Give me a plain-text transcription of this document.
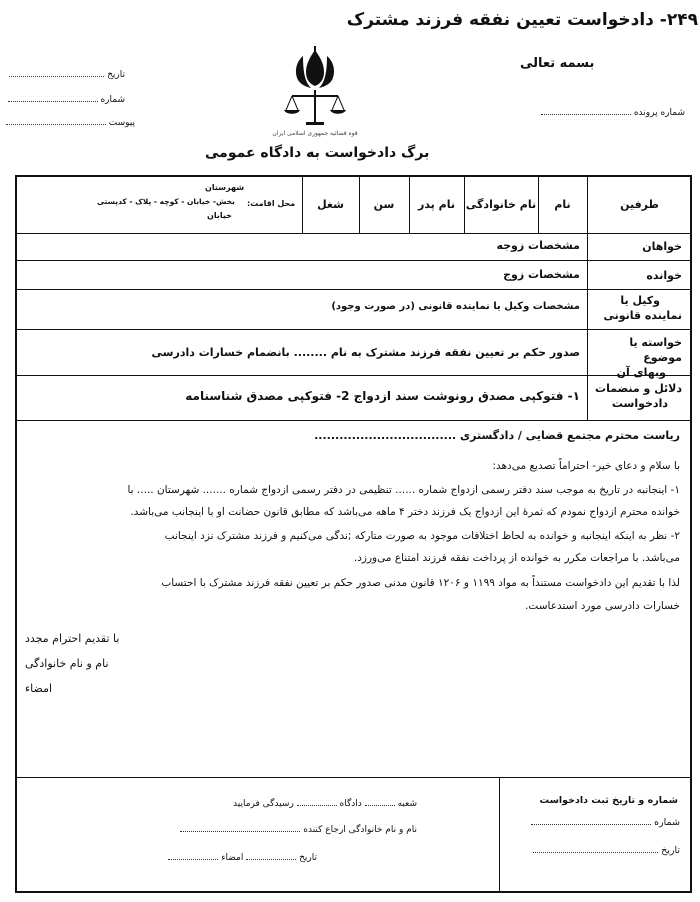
۲۴۹- دادخواست تعیین نفقه فرزند مشترک
بسمه تعالی
تاریخ
شماره
پیوست
قوه قضائیه جمهوری اسلامی ایران
شماره پرونده
برگ دادخواست به دادگاه عمومی
طرفین
نام
نام خانوادگی
نام پدر
سن
شغل
محل اقامت:
شهرستان
بخش- خیابان - کوچه - پلاک - کدپستی
خیابان
خواهان
مشخصات زوجه
خوانده
مشخصات زوج
وکیل یا
نماینده قانونی
مشخصات وکیل یا نماینده قانونی (در صورت وجود)
خواسته یا موضوع
وبهای آن
صدور حکم بر تعیین نفقه فرزند مشترک به نام ........ بانضمام خسارات دادرسی
دلائل و منضمات
دادخواست
۱- فتوکپی مصدق رونوشت سند ازدواج 2- فتوکپی مصدق شناسنامه
ریاست محترم مجتمع قضایی / دادگستری ..................................
با سلام و دعای خیر- احتراماً تصدیع می‌دهد:
۱- اینجانبه در تاریخ به موجب سند دفتر رسمی ازدواج شماره ...... تنظیمی در دفتر رسمی ازدواج شماره ....... شهرستان ..... با
خوانده محترم ازدواج نمودم که ثمرهٔ این ازدواج یک فرزند دختر ۴ ماهه می‌باشد که مطابق قانون حضانت او با اینجانب می‌باشد.
۲- نظر به اینکه اینجانبه و خوانده به لحاظ اختلافات موجود به صورت متارکه ;ندگی می‌کنیم و فرزند مشترک نزد اینجانب
می‌باشد. با مراجعات مکرر به خوانده از پرداخت نفقه فرزند امتناع می‌ورزد.
لذا با تقدیم این دادخواست مستنداً به مواد ۱۱۹۹ و ۱۲۰۶ قانون مدنی صدور حکم بر تعیین نفقه فرزند مشترک با احتساب
خسارات دادرسی مورد استدعاست.
با تقدیم احترام مجدد
نام و نام خانوادگی
امضاء
شماره و تاریخ ثبت دادخواست
شماره
تاریخ
شعبه  دادگاه  رسیدگی فرمایید
نام و نام خانوادگی ارجاع کننده
تاریخ  امضاء
